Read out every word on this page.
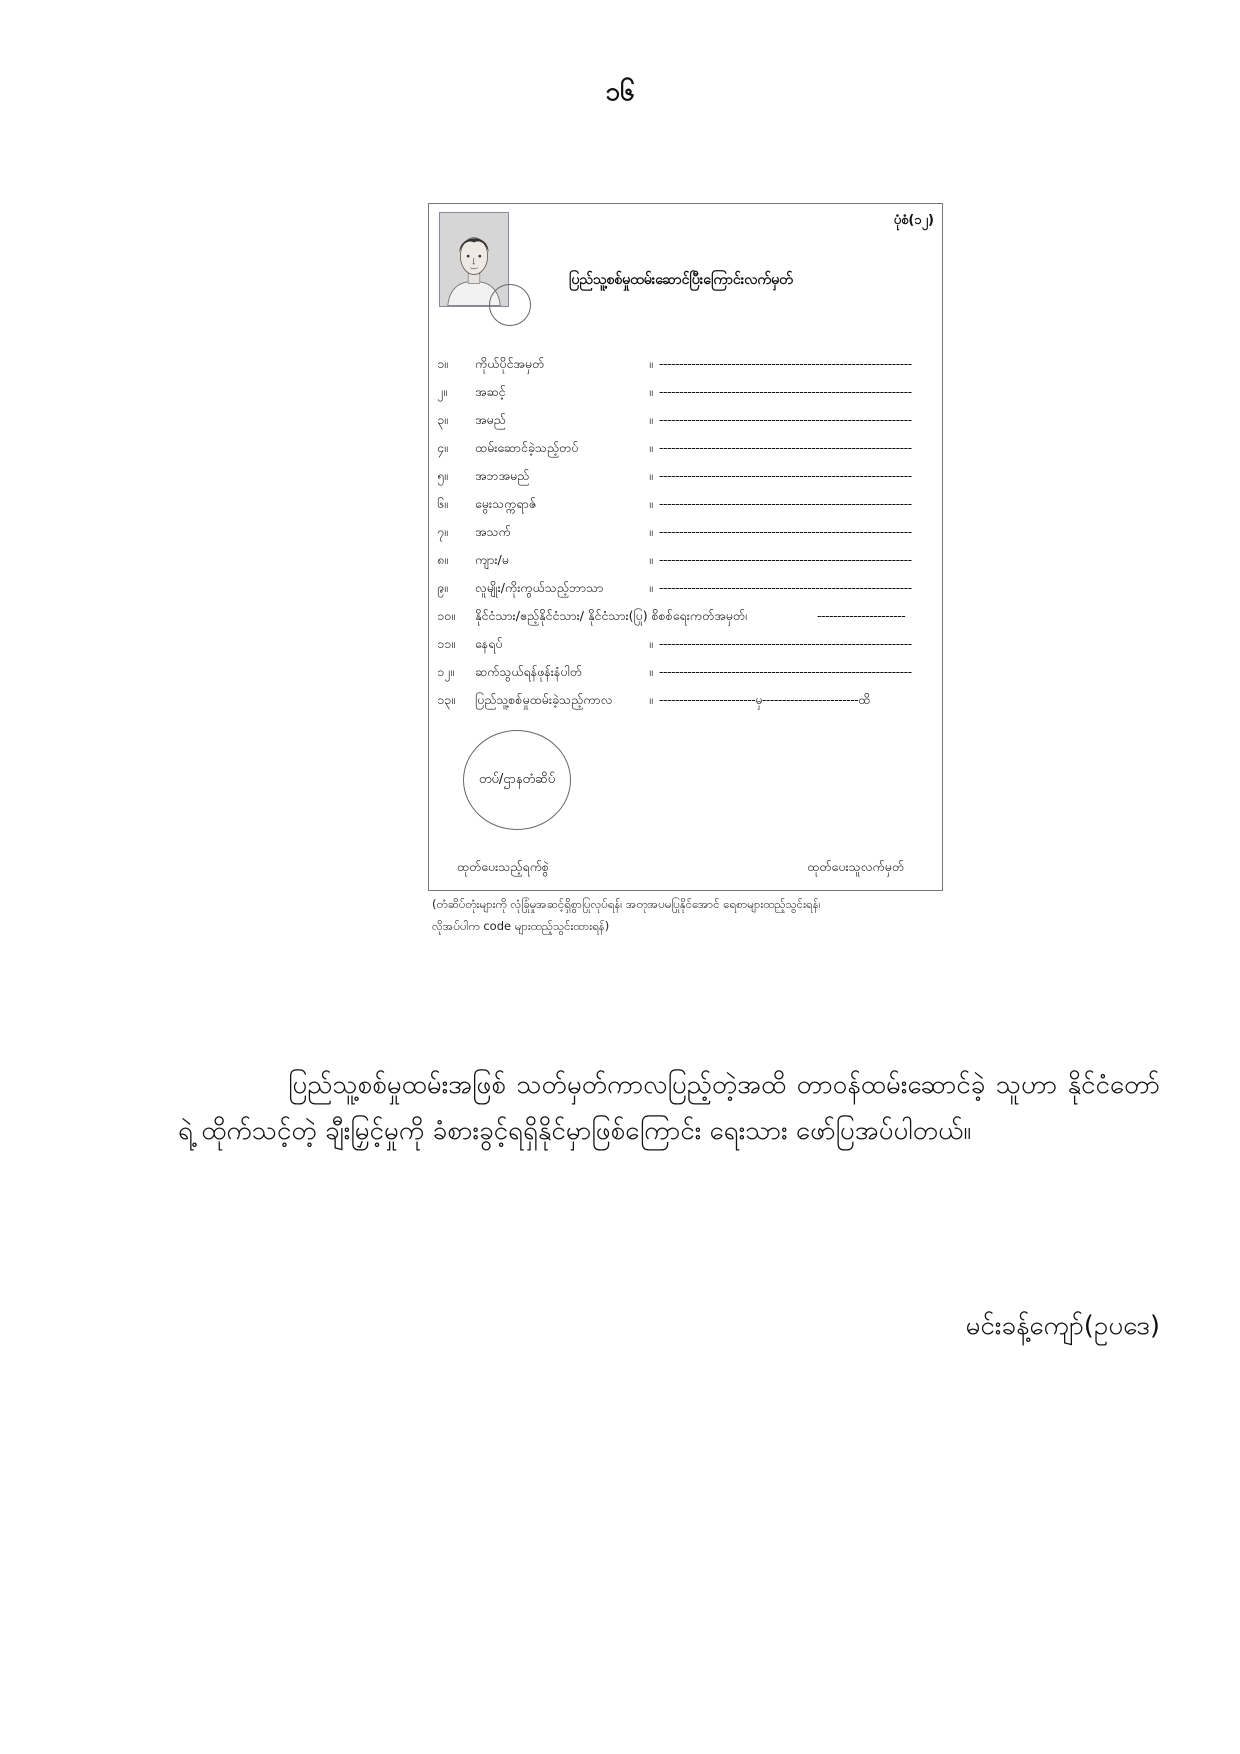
၁၆
ပုံစံ(၁၂)
ပြည်သူ့စစ်မှုထမ်းဆောင်ပြီးကြောင်းလက်မှတ်
၁။ ကိုယ်ပိုင်အမှတ်	။ ---------------------------------------------------------------
၂။ အဆင့်	။ ---------------------------------------------------------------
၃။ အမည်	။ ---------------------------------------------------------------
၄။ ထမ်းဆောင်ခဲ့သည့်တပ်	။ ---------------------------------------------------------------
၅။ အဘအမည်	။ ---------------------------------------------------------------
၆။ မွေးသက္ကရာဇ်	။ ---------------------------------------------------------------
၇။ အသက်	။ ---------------------------------------------------------------
၈။ ကျား/မ	။ ---------------------------------------------------------------
၉။ လူမျိုး/ကိုးကွယ်သည့်ဘာသာ	။ ---------------------------------------------------------------
၁၀။ နိုင်ငံသား/ဧည့်နိုင်ငံသား/ နိုင်ငံသား(ပြု) စိစစ်ရေးကတ်အမှတ်၊	----------------------
၁၁။ နေရပ်	။ ---------------------------------------------------------------
၁၂။ ဆက်သွယ်ရန်ဖုန်းနံပါတ်	။ ---------------------------------------------------------------
၁၃။ ပြည်သူ့စစ်မှုထမ်းခဲ့သည့်ကာလ	။ ------------------------မှ------------------------ထိ
တပ်/ဌာနတံဆိပ်
ထုတ်ပေးသည့်ရက်စွဲ	ထုတ်ပေးသူလက်မှတ်
(တံဆိပ်တုံးများကို လုံခြုံမှုအဆင့်ရှိစွာပြုလုပ်ရန်၊ အတုအပမပြုနိုင်အောင် ရေစာများထည့်သွင်းရန်၊
လိုအပ်ပါက code များထည့်သွင်းထားရန်)
ပြည်သူ့စစ်မှုထမ်းအဖြစ် သတ်မှတ်ကာလပြည့်တဲ့အထိ တာဝန်ထမ်းဆောင်ခဲ့ သူဟာ နိုင်ငံတော်ရဲ့ ထိုက်သင့်တဲ့ ချီးမြှင့်မှုကို ခံစားခွင့်ရရှိနိုင်မှာဖြစ်ကြောင်း ရေးသား ဖော်ပြအပ်ပါတယ်။
မင်းခန့်ကျော်(ဥပဒေ)
